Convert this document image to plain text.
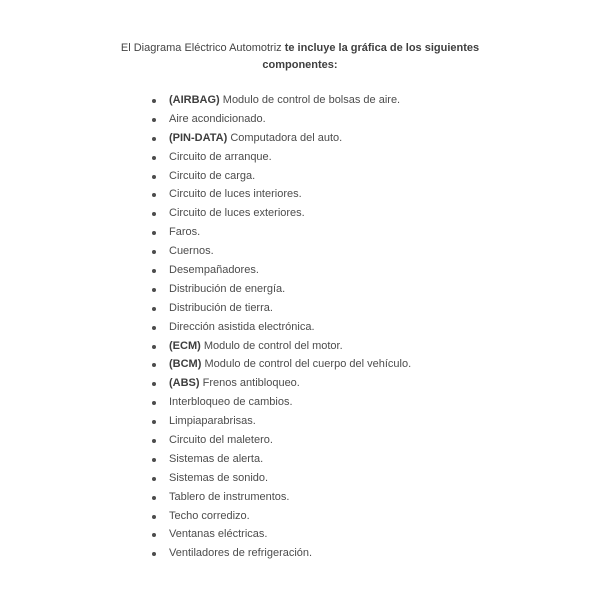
El Diagrama Eléctrico Automotriz te incluye la gráfica de los siguientes componentes:
(AIRBAG) Modulo de control de bolsas de aire.
Aire acondicionado.
(PIN-DATA) Computadora del auto.
Circuito de arranque.
Circuito de carga.
Circuito de luces interiores.
Circuito de luces exteriores.
Faros.
Cuernos.
Desempañadores.
Distribución de energía.
Distribución de tierra.
Dirección asistida electrónica.
(ECM) Modulo de control del motor.
(BCM) Modulo de control del cuerpo del vehículo.
(ABS) Frenos antibloqueo.
Interbloqueo de cambios.
Limpiaparabrisas.
Circuito del maletero.
Sistemas de alerta.
Sistemas de sonido.
Tablero de instrumentos.
Techo corredizo.
Ventanas eléctricas.
Ventiladores de refrigeración.
